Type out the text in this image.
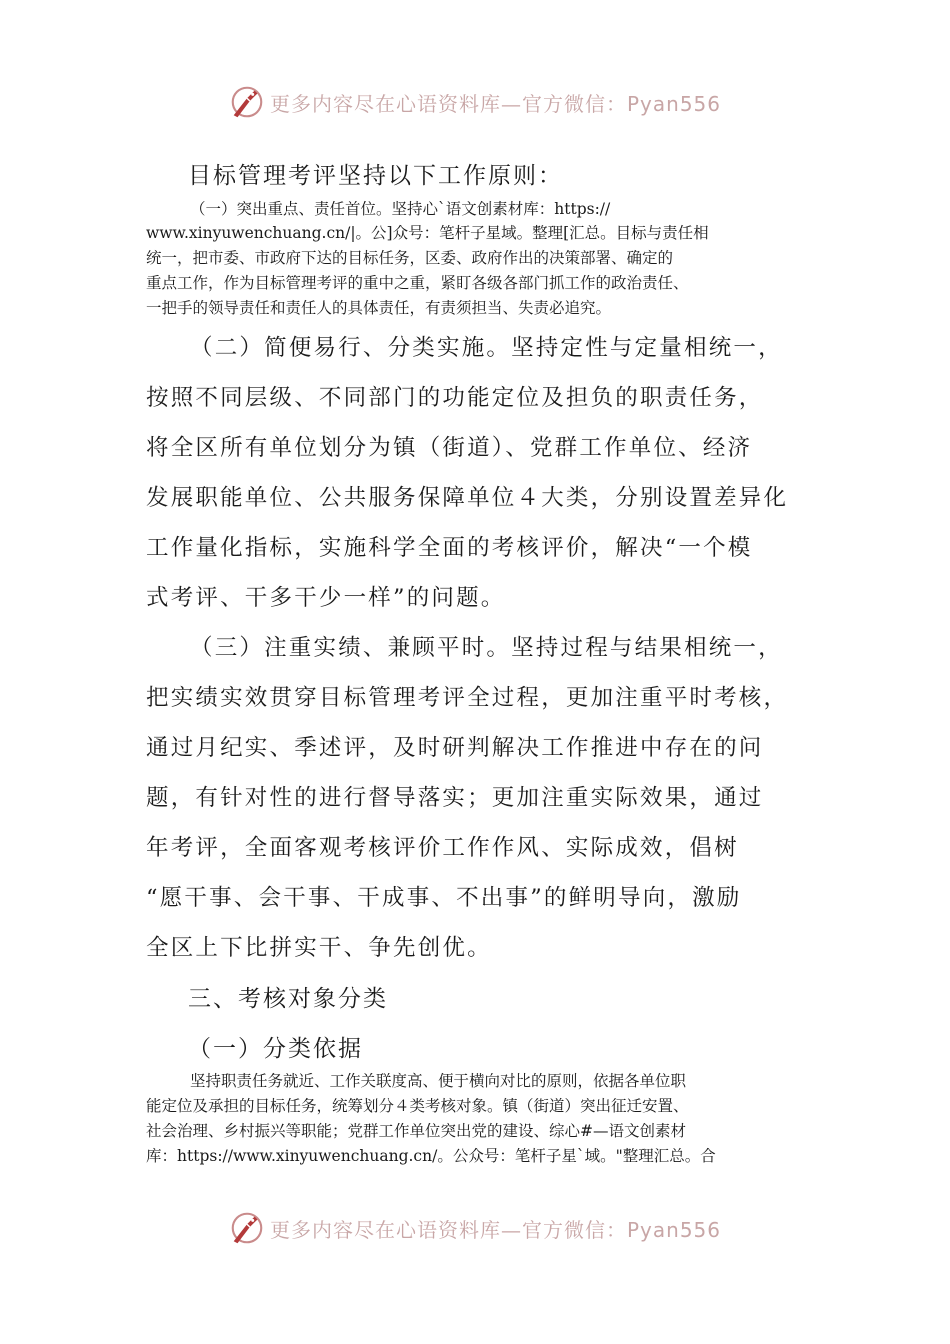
更多内容尽在心语资料库—官方微信：Pyan556

目标管理考评坚持以下工作原则：

（一）突出重点、责任首位。坚持心`语文创素材库：https://

www.xinyuwenchuang.cn/|。公]众号：笔杆子星域。整理[汇总。目标与责任相

统一，把市委、市政府下达的目标任务，区委、政府作出的决策部署、确定的

重点工作，作为目标管理考评的重中之重，紧盯各级各部门抓工作的政治责任、

一把手的领导责任和责任人的具体责任，有责须担当、失责必追究。

（二）简便易行、分类实施。坚持定性与定量相统一，

按照不同层级、不同部门的功能定位及担负的职责任务，

将全区所有单位划分为镇（街道）、党群工作单位、经济

发展职能单位、公共服务保障单位４大类，分别设置差异化

工作量化指标，实施科学全面的考核评价，解决“一个模

式考评、干多干少一样”的问题。

（三）注重实绩、兼顾平时。坚持过程与结果相统一，

把实绩实效贯穿目标管理考评全过程，更加注重平时考核，

通过月纪实、季述评，及时研判解决工作推进中存在的问

题，有针对性的进行督导落实；更加注重实际效果，通过

年考评，全面客观考核评价工作作风、实际成效，倡树

“愿干事、会干事、干成事、不出事”的鲜明导向，激励

全区上下比拼实干、争先创优。

三、考核对象分类

（一）分类依据

坚持职责任务就近、工作关联度高、便于横向对比的原则，依据各单位职

能定位及承担的目标任务，统筹划分４类考核对象。镇（街道）突出征迁安置、

社会治理、乡村振兴等职能；党群工作单位突出党的建设、综心#—语文创素材

库：https://www.xinyuwenchuang.cn/。公众号：笔杆子星`域。"整理汇总。合

更多内容尽在心语资料库—官方微信：Pyan556
